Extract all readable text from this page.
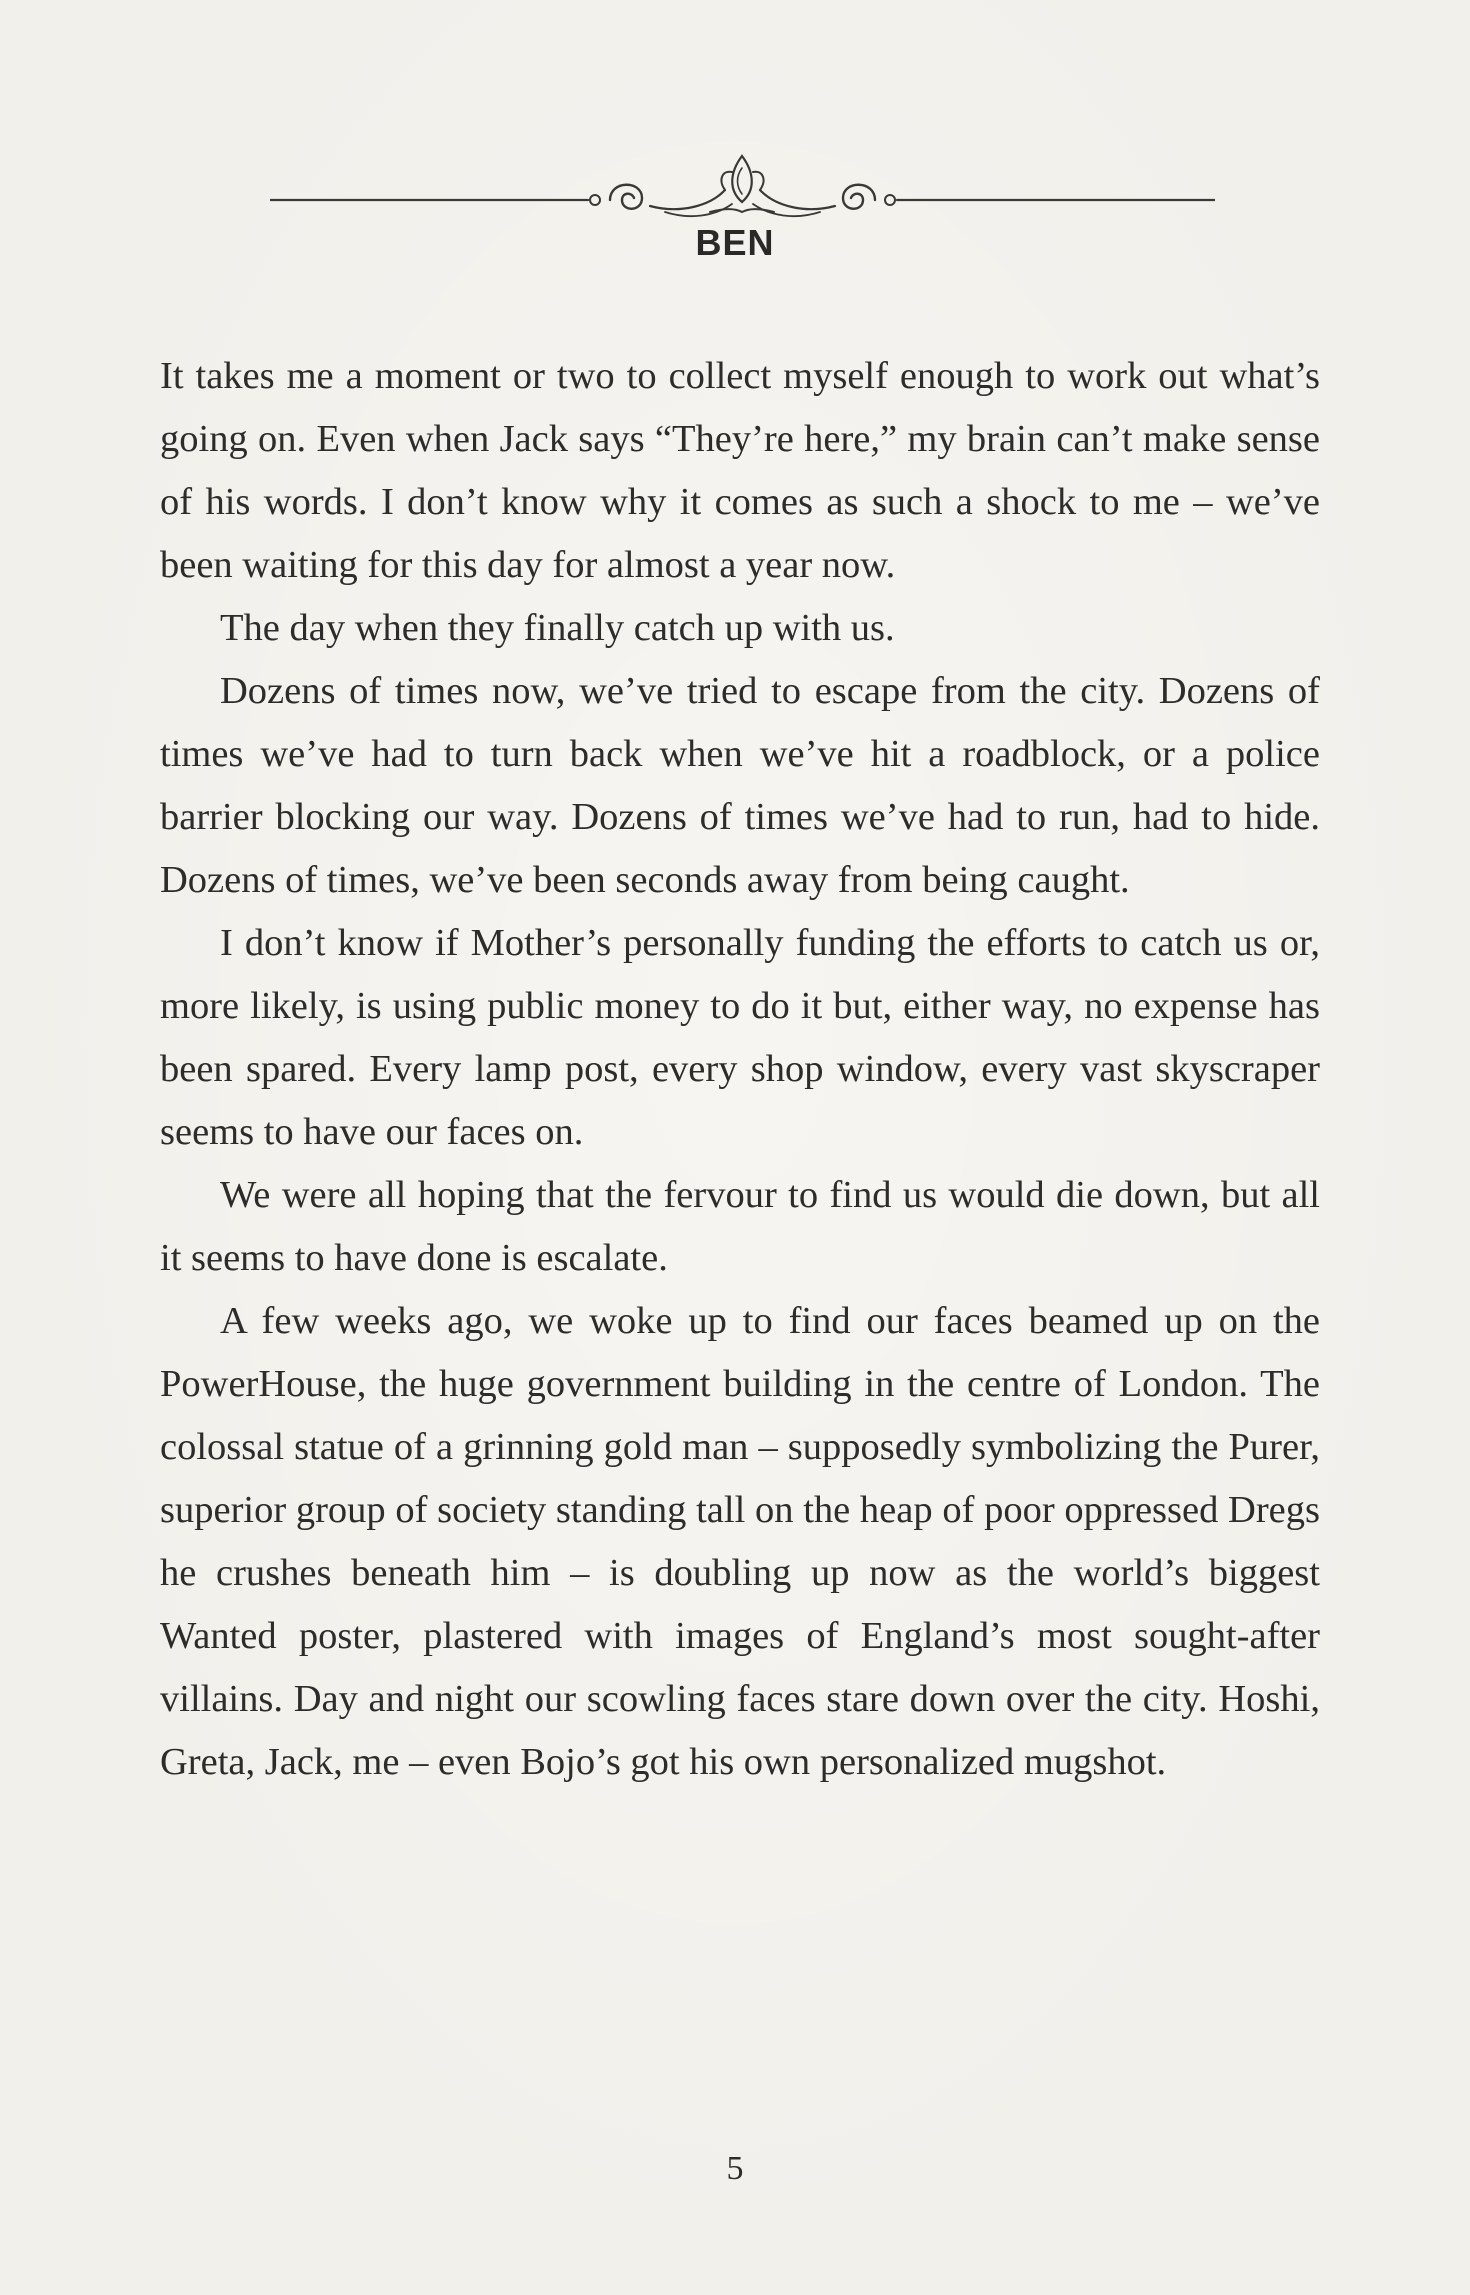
BEN

It takes me a moment or two to collect myself enough to work out what’s going on. Even when Jack says “They’re here,” my brain can’t make sense of his words. I don’t know why it comes as such a shock to me – we’ve been waiting for this day for almost a year now.

The day when they finally catch up with us.

Dozens of times now, we’ve tried to escape from the city. Dozens of times we’ve had to turn back when we’ve hit a roadblock, or a police barrier blocking our way. Dozens of times we’ve had to run, had to hide. Dozens of times, we’ve been seconds away from being caught.

I don’t know if Mother’s personally funding the efforts to catch us or, more likely, is using public money to do it but, either way, no expense has been spared. Every lamp post, every shop window, every vast skyscraper seems to have our faces on.

We were all hoping that the fervour to find us would die down, but all it seems to have done is escalate.

A few weeks ago, we woke up to find our faces beamed up on the PowerHouse, the huge government building in the centre of London. The colossal statue of a grinning gold man – supposedly symbolizing the Purer, superior group of society standing tall on the heap of poor oppressed Dregs he crushes beneath him – is doubling up now as the world’s biggest Wanted poster, plastered with images of England’s most sought-after villains. Day and night our scowling faces stare down over the city. Hoshi, Greta, Jack, me – even Bojo’s got his own personalized mugshot.

5
